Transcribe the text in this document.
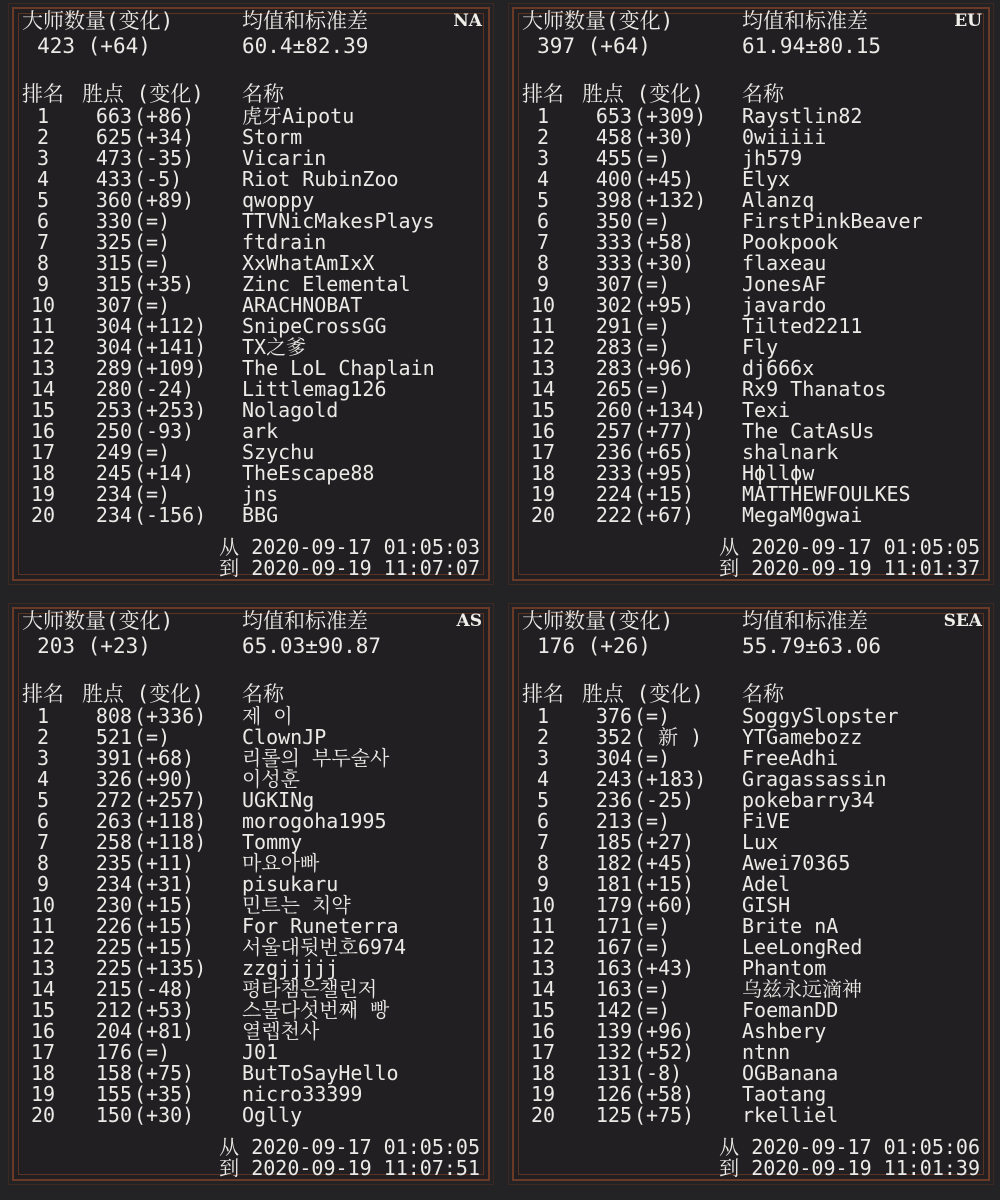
NA
大师数量(变化)	均值和标准差
423 (+64)	60.4±82.39
排名 胜点 (变化) 名称
1	663 (+86) 虎牙Aipotu
2	625 (+34) Storm
3	473 (-35) Vicarin
4	433 (-5)	Riot RubinZoo
5	360 (+89) qwoppy
6	330 (=)	TTVNicMakesPlays
7	325 (=)	ftdrain
8	315 (=)	XxWhatAmIxX
9	315 (+35) Zinc Elemental
10	307 (=)	ARACHNOBAT
11	304 (+112) SnipeCrossGG
12	304 (+141) TX之爹
13	289 (+109) The LoL Chaplain
14	280 (-24) Littlemag126
15	253 (+253) Nolagold
16	250 (-93) ark
17	249 (=)	Szychu
18	245 (+14) TheEscape88
19	234 (=)	jns
20	234 (-156) BBG
从 2020-09-17 01:05:03
到 2020-09-19 11:07:07
EU
大师数量(变化)	均值和标准差
397 (+64)	61.94±80.15
排名 胜点 (变化) 名称
1	653 (+309) Raystlin82
2	458 (+30) 0wiiiii
3	455 (=)	jh579
4	400 (+45) Elyx
5	398 (+132) Alanzq
6	350 (=)	FirstPinkBeaver
7	333 (+58) Pookpook
8	333 (+30) flaxeau
9	307 (=)	JonesAF
10	302 (+95) javardo
11	291 (=)	Tilted2211
12	283 (=)	Fly
13	283 (+96) dj666x
14	265 (=)	Rx9 Thanatos
15	260 (+134) Texi
16	257 (+77) The CatAsUs
17	236 (+65) shalnark
18	233 (+95) Hϕllϕw
19	224 (+15) MATTHEWFOULKES
20	222 (+67) MegaM0gwai
从 2020-09-17 01:05:05
到 2020-09-19 11:01:37
AS
大师数量(变化)	均值和标准差
203 (+23)	65.03±90.87
排名 胜点 (变化) 名称
1	808 (+336) 제 이
2	521 (=)	ClownJP
3	391 (+68) 리롤의 부두술사
4	326 (+90) 이성훈
5	272 (+257) UGKINg
6	263 (+118) morogoha1995
7	258 (+118) Tommy
8	235 (+11) 마요아빠
9	234 (+31) pisukaru
10	230 (+15) 민트는 치약
11	226 (+15) For Runeterra
12	225 (+15) 서울대뒷번호6974
13	225 (+135) zzgjjjjj
14	215 (-48) 평타챔은챌린저
15	212 (+53) 스물다섯번째 빵
16	204 (+81) 열렙천사
17	176 (=)	J01
18	158 (+75) ButToSayHello
19	155 (+35) nicro33399
20	150 (+30) Oglly
从 2020-09-17 01:05:05
到 2020-09-19 11:07:51
SEA
大师数量(变化)	均值和标准差
176 (+26)	55.79±63.06
排名 胜点 (变化) 名称
1	376 (=)	SoggySlopster
2	352 ( 新 ) YTGamebozz
3	304 (=)	FreeAdhi
4	243 (+183) Gragassassin
5	236 (-25) pokebarry34
6	213 (=)	FiVE
7	185 (+27) Lux
8	182 (+45) Awei70365
9	181 (+15) Adel
10	179 (+60) GISH
11	171 (=)	Brite nA
12	167 (=)	LeeLongRed
13	163 (+43) Phantom
14	163 (=)	乌兹永远滴神
15	142 (=)	FoemanDD
16	139 (+96) Ashbery
17	132 (+52) ntnn
18	131 (-8)	OGBanana
19	126 (+58) Taotang
20	125 (+75) rkelliel
从 2020-09-17 01:05:06
到 2020-09-19 11:01:39
